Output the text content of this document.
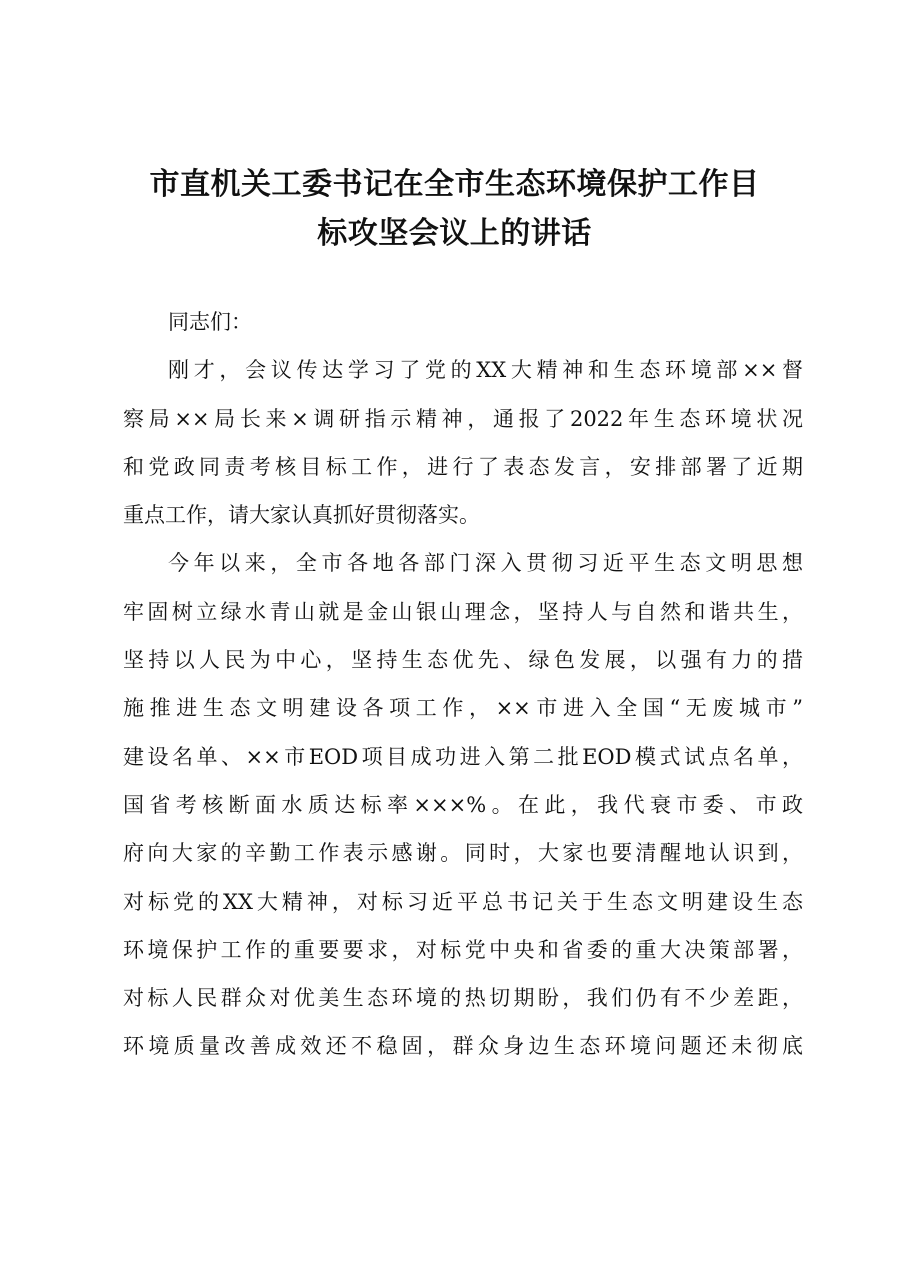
市直机关工委书记在全市生态环境保护工作目
标攻坚会议上的讲话
同志们：
刚才，会议传达学习了党的XX大精神和生态环境部××督
察局××局长来×调研指示精神，通报了2022年生态环境状况
和党政同责考核目标工作，进行了表态发言，安排部署了近期
重点工作，请大家认真抓好贯彻落实。
今年以来，全市各地各部门深入贯彻习近平生态文明思想
牢固树立绿水青山就是金山银山理念，坚持人与自然和谐共生，
坚持以人民为中心，坚持生态优先、绿色发展，以强有力的措
施推进生态文明建设各项工作，××市进入全国“无废城市”
建设名单、××市EOD项目成功进入第二批EOD模式试点名单，
国省考核断面水质达标率×××%。在此，我代衰市委、市政
府向大家的辛勤工作表示感谢。同时，大家也要清醒地认识到，
对标党的XX大精神，对标习近平总书记关于生态文明建设生态
环境保护工作的重要要求，对标党中央和省委的重大决策部署，
对标人民群众对优美生态环境的热切期盼，我们仍有不少差距，
环境质量改善成效还不稳固，群众身边生态环境问题还未彻底
